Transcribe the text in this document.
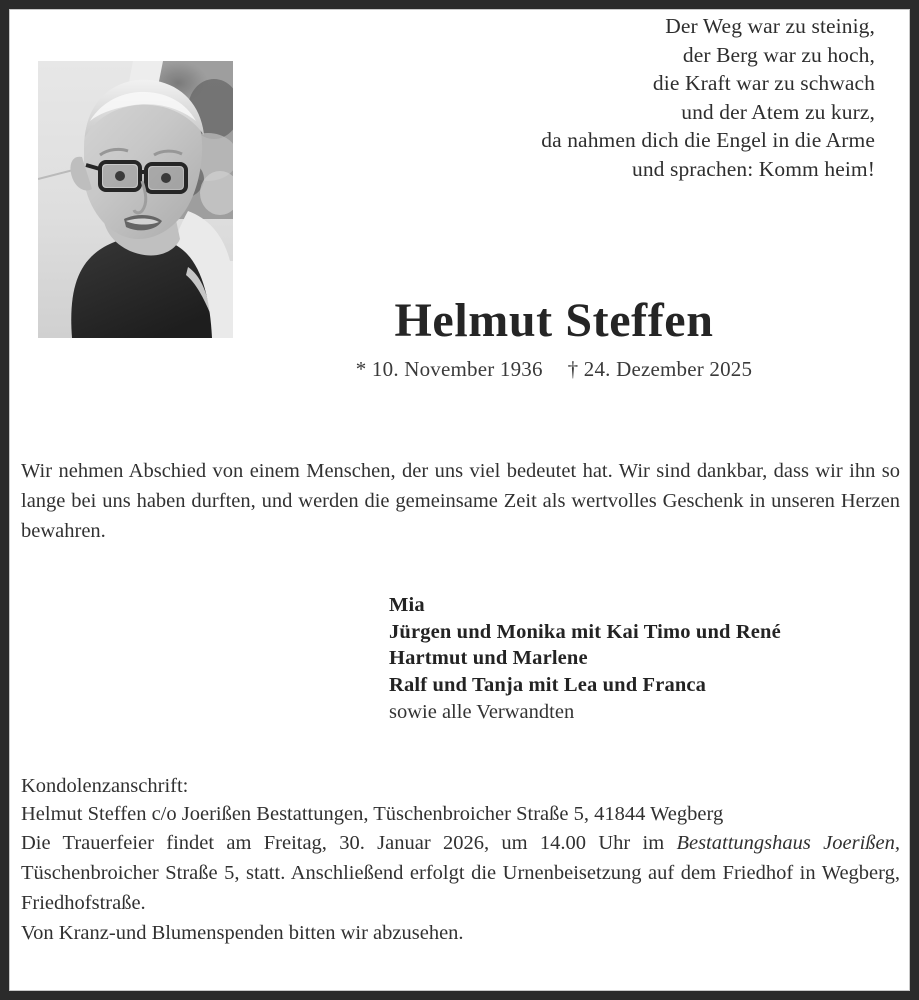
Der Weg war zu steinig,
der Berg war zu hoch,
die Kraft war zu schwach
und der Atem zu kurz,
da nahmen dich die Engel in die Arme
und sprachen: Komm heim!
Helmut Steffen
* 10. November 1936 † 24. Dezember 2025

Wir nehmen Abschied von einem Menschen, der uns viel bedeutet hat. Wir sind dankbar, dass wir ihn so lange bei uns haben durften, und werden die gemeinsame Zeit als wertvolles Geschenk in unseren Herzen bewahren.

Mia
Jürgen und Monika mit Kai Timo und René
Hartmut und Marlene
Ralf und Tanja mit Lea und Franca
sowie alle Verwandten
Kondolenzanschrift:
Helmut Steffen c/o Joerißen Bestattungen, Tüschenbroicher Straße 5, 41844 Wegberg

Die Trauerfeier findet am Freitag, 30. Januar 2026, um 14.00 Uhr im Bestattungshaus Joerißen, Tüschenbroicher Straße 5, statt. Anschließend erfolgt die Urnenbeisetzung auf dem Friedhof in Wegberg, Friedhofstraße.

Von Kranz-und Blumenspenden bitten wir abzusehen.
